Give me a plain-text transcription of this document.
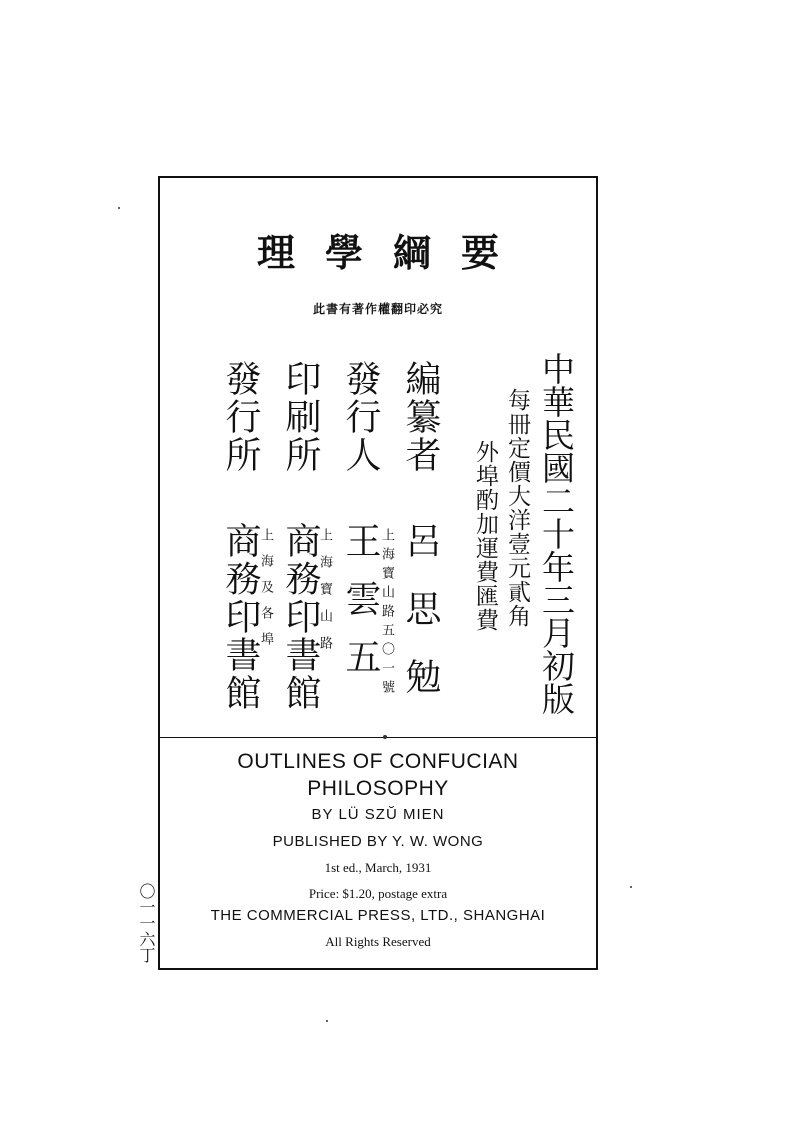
理學綱要
此書有著作權翻印必究
中華民國二十年三月初版
每冊定價大洋壹元貳角
外埠酌加運費匯費
編纂者
呂思勉
發行人
上海寶山路五〇一號
王雲五
印刷所
上海寶山路
商務印書館
發行所
上海及各埠
商務印書館
OUTLINES OF CONFUCIAN
PHILOSOPHY
BY LÜ SZŬ MIEN
PUBLISHED BY Y. W. WONG
1st ed., March, 1931
Price: $1.20, postage extra
THE COMMERCIAL PRESS, LTD., SHANGHAI
All Rights Reserved
〇一一六丁
